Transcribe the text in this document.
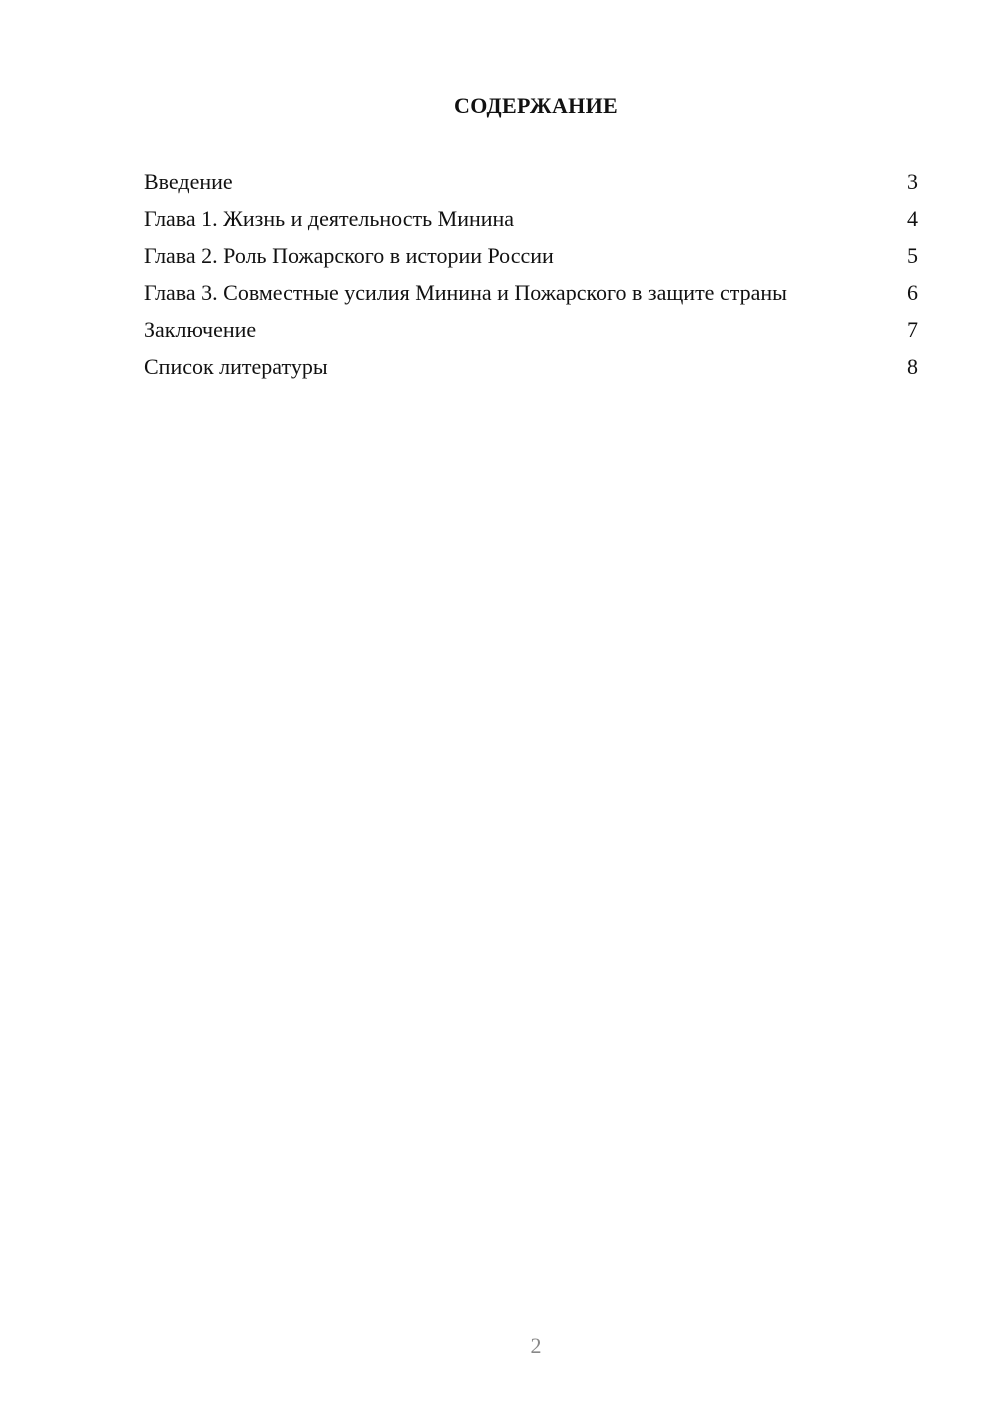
СОДЕРЖАНИЕ
Введение	3
Глава 1. Жизнь и деятельность Минина	4
Глава 2. Роль Пожарского в истории России	5
Глава 3. Совместные усилия Минина и Пожарского в защите страны	6
Заключение	7
Список литературы	8
2
